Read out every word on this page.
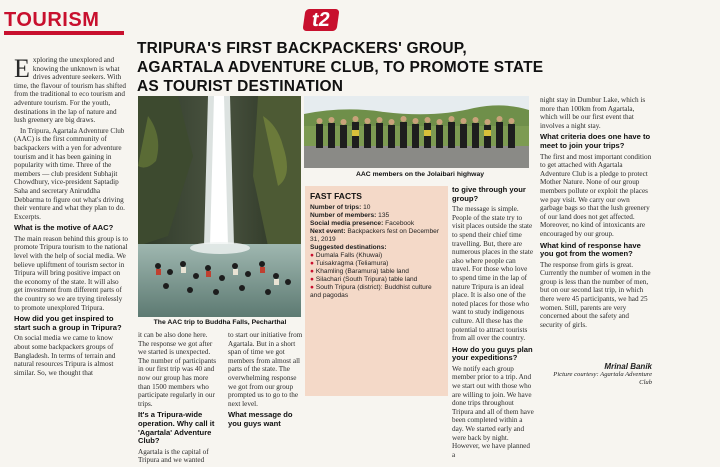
TOURISM	t2
TRIPURA'S FIRST BACKPACKERS' GROUP, AGARTALA ADVENTURE CLUB, TO PROMOTE STATE AS TOURIST DESTINATION

Exploring the unexplored and knowing the unknown is what drives adventure seekers. With time, the flavour of tourism has shifted from the traditional to eco tourism and adventure tourism. For the youth, destinations in the lap of nature and lush greenery are big draws.

In Tripura, Agartala Adventure Club (AAC) is the first community of backpackers with a yen for adventure tourism and it has been gaining in popularity with time. Three of the members — club president Subhajit Chowdhury, vice-president Saptadip Saha and secretary Aniruddha Debbarma to figure out what's driving their venture and what they plan to do. Excerpts.

What is the motive of AAC?

The main reason behind this group is to promote Tripura tourism to the national level with the help of social media. We believe upliftment of tourism sector in Tripura will bring positive impact on the economy of the state. It will also get investment from different parts of the country so we are trying tirelessly to promote unexplored Tripura.

How did you get inspired to start such a group in Tripura?

On social media we came to know about some backpackers groups of Bangladesh. In terms of terrain and natural resources Tripura is almost similar. So, we thought that

The AAC trip to Buddha Falls, Pecharthal
AAC members on the Jolaibari highway
FAST FACTS
Number of trips: 10
Number of members: 135
Social media presence: Facebook
Next event: Backpackers fest on December 31, 2019
Suggested destinations:
● Dumala Falls (Khuwai)
● Tuisakragma (Teliamura)
● Khamling (Baramura) table land
● Silachari (South Tripura) table land
● South Tripura (district): Buddhist culture and pagodas

to give through your group?

The message is simple. People of the state try to visit places outside the state to spend their chief time travelling. But, there are numerous places in the state also where people can travel. For those who love to spend time in the lap of nature Tripura is an ideal place. It is also one of the noted places for those who want to study indigenous culture. All these has the potential to attract tourists from all over the country.

How do you guys plan your expeditions?

We notify each group member prior to a trip. And we start out with those who are willing to join. We have done trips throughout Tripura and all of them have been completed within a day. We started early and were back by night. However, we have planned a

it can be also done here. The response we got after we started is unexpected. The number of participants in our first trip was 40 and now our group has more than 1500 members who participate regularly in our trips.

It's a Tripura-wide operation. Why call it 'Agartala' Adventure Club?

Agartala is the capital of Tripura and we wanted

to start our initiative from Agartala. But in a short span of time we got members from almost all parts of the state. The overwhelming response we got from our group prompted us to go to the next level.

What message do you guys want

night stay in Dumbur Lake, which is more than 100km from Agartala, which will be our first event that involves a night stay.

What criteria does one have to meet to join your trips?

The first and most important condition to get attached with Agartala Adventure Club is a pledge to protect Mother Nature. None of our group members pollute or exploit the places we pay visit. We carry our own garbage bags so that the lush greenery of our land does not get affected. Moreover, no kind of intoxicants are encouraged by our group.

What kind of response have you got from the women?

The response from girls is great. Currently the number of women in the group is less than the number of men, but on our second last trip, in which there were 45 participants, we had 25 women. Still, parents are very concerned about the safety and security of girls.

Mrinal Banik
Picture courtesy: Agartala Adventure Club
